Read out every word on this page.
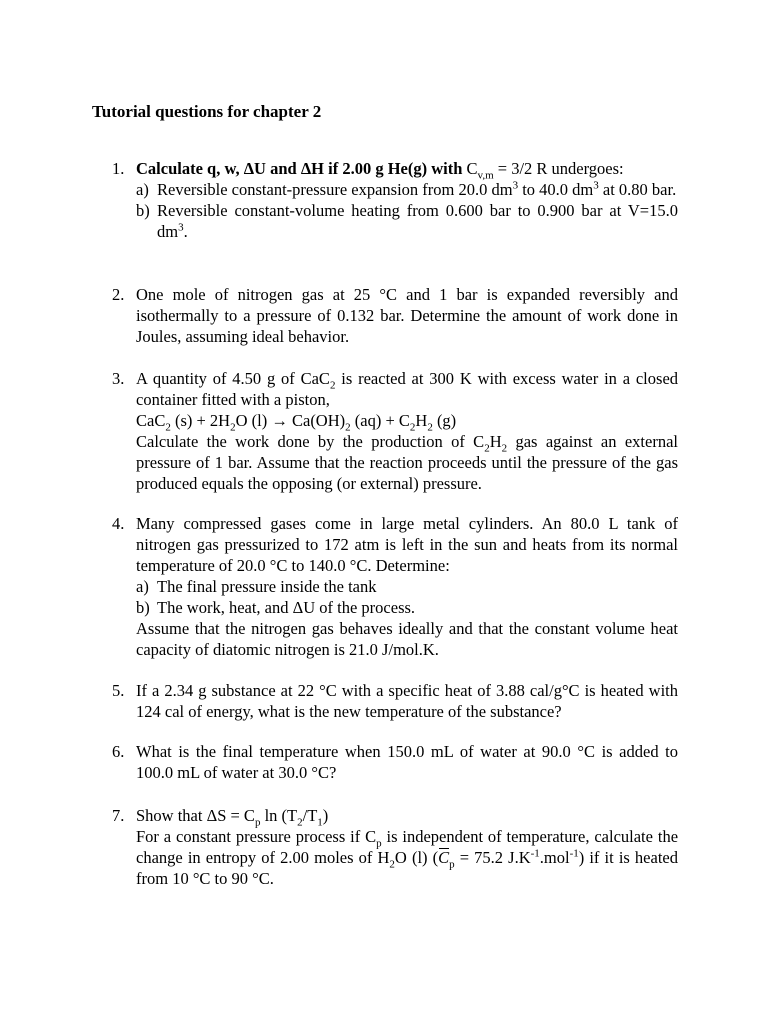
Tutorial questions for chapter 2
1. Calculate q, w, ΔU and ΔH if 2.00 g He(g) with $C_{v,m} = 3/2$ R undergoes:
a) Reversible constant-pressure expansion from 20.0 $dm^3$ to 40.0 $dm^3$ at 0.80 bar.
b) Reversible constant-volume heating from 0.600 bar to 0.900 bar at V=15.0 $dm^3$.
2. One mole of nitrogen gas at 25 °C and 1 bar is expanded reversibly and isothermally to a pressure of 0.132 bar. Determine the amount of work done in Joules, assuming ideal behavior.
3. A quantity of 4.50 g of CaC$_2$ is reacted at 300 K with excess water in a closed container fitted with a piston,
CaC$_2$ $(s) + 2H_2O$ $(l) \to Ca(OH)_2$ $(aq) + C_2H_2$ (g)
Calculate the work done by the production of $C_2H_2$ gas against an external pressure of 1 bar. Assume that the reaction proceeds until the pressure of the gas produced equals the opposing (or external) pressure.
4. Many compressed gases come in large metal cylinders. An 80.0 L tank of nitrogen gas pressurized to 172 atm is left in the sun and heats from its normal temperature of 20.0 °C to 140.0 °C. Determine:
a) The final pressure inside the tank
b) The work, heat, and ΔU of the process.
Assume that the nitrogen gas behaves ideally and that the constant volume heat capacity of diatomic nitrogen is 21.0 J/mol.K.
5. If a 2.34 g substance at 22 °C with a specific heat of 3.88 cal/g°C is heated with 124 cal of energy, what is the new temperature of the substance?
6. What is the final temperature when 150.0 mL of water at 90.0 °C is added to 100.0 mL of water at 30.0 °C?
7. Show that $\Delta S = C_p$ $\ln (T_2/T_1)$
For a constant pressure process if $C_p$ is independent of temperature, calculate the change in entropy of 2.00 moles of $H_2O$ (l) ($C_p = 75.2$ $J.K^{-1}.mol^{-1}$) if it is heated from 10 °C to 90 °C.
